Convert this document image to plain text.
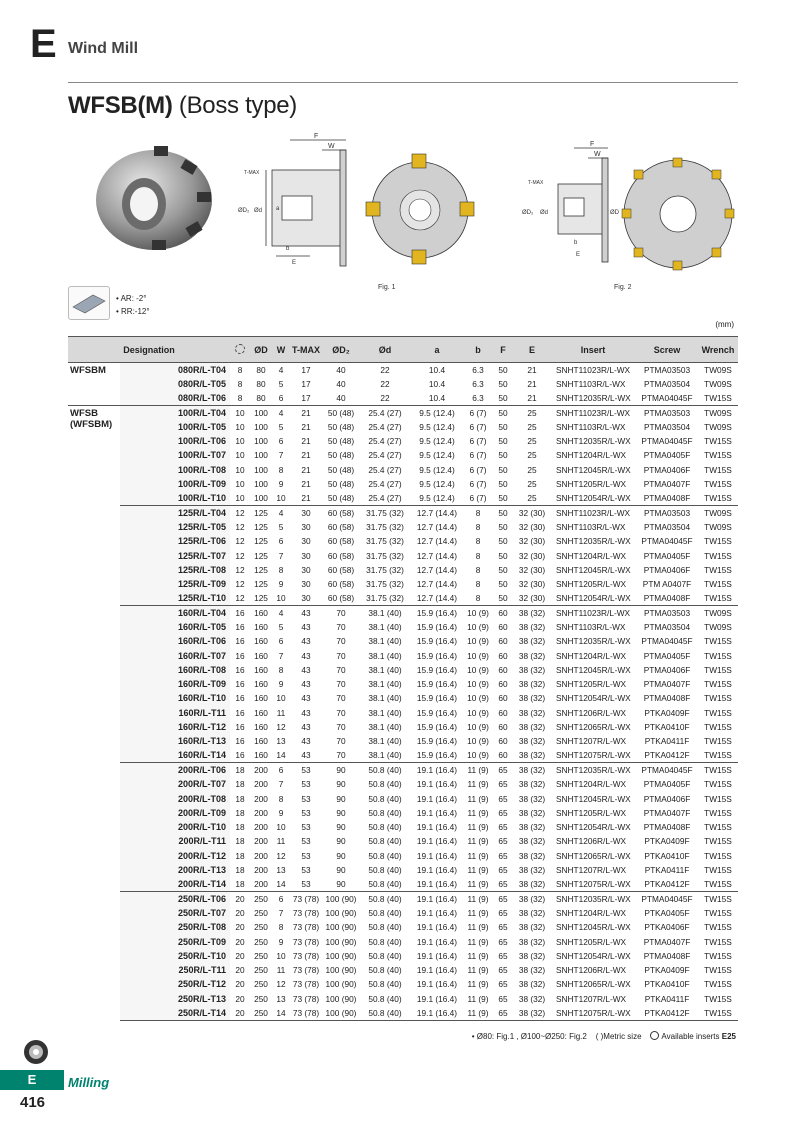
E Wind Mill
WFSB(M) (Boss type)
F
W
T-MAX
ØD₂ Ød a
b
E
Fig. 1
F
W
T-MAX
ØD₂ Ød	ØD
b
E
Fig. 2
• AR: -2°
• RR:-12°
(mm)
Designation			ØD	W	T-MAX	ØD₂	Ød	a	b	F	E	Insert	Screw	Wrench

WFSBM	080R/L-T04	8	80	4	17	40	22	10.4	6.3	50	21	SNHT11023R/L-WX	PTMA03503	TW09S
	080R/L-T05	8	80	5	17	40	22	10.4	6.3	50	21	SNHT1103R/L-WX	PTMA03504	TW09S
	080R/L-T06	8	80	6	17	40	22	10.4	6.3	50	21	SNHT12035R/L-WX	PTMA04045F	TW15S

WFSB
(WFSBM)	100R/L-T04	10	100	4	21	50 (48)	25.4 (27)	9.5 (12.4)	6 (7)	50	25	SNHT11023R/L-WX	PTMA03503	TW09S
	100R/L-T05	10	100	5	21	50 (48)	25.4 (27)	9.5 (12.4)	6 (7)	50	25	SNHT1103R/L-WX	PTMA03504	TW09S
	100R/L-T06	10	100	6	21	50 (48)	25.4 (27)	9.5 (12.4)	6 (7)	50	25	SNHT12035R/L-WX	PTMA04045F	TW15S
	100R/L-T07	10	100	7	21	50 (48)	25.4 (27)	9.5 (12.4)	6 (7)	50	25	SNHT1204R/L-WX	PTMA0405F	TW15S
	100R/L-T08	10	100	8	21	50 (48)	25.4 (27)	9.5 (12.4)	6 (7)	50	25	SNHT12045R/L-WX	PTMA0406F	TW15S
	100R/L-T09	10	100	9	21	50 (48)	25.4 (27)	9.5 (12.4)	6 (7)	50	25	SNHT1205R/L-WX	PTMA0407F	TW15S
	100R/L-T10	10	100	10	21	50 (48)	25.4 (27)	9.5 (12.4)	6 (7)	50	25	SNHT12054R/L-WX	PTMA0408F	TW15S
	125R/L-T04	12	125	4	30	60 (58)	31.75 (32)	12.7 (14.4)	8	50	32 (30)	SNHT11023R/L-WX	PTMA03503	TW09S
	125R/L-T05	12	125	5	30	60 (58)	31.75 (32)	12.7 (14.4)	8	50	32 (30)	SNHT1103R/L-WX	PTMA03504	TW09S
	125R/L-T06	12	125	6	30	60 (58)	31.75 (32)	12.7 (14.4)	8	50	32 (30)	SNHT12035R/L-WX	PTMA04045F	TW15S
	125R/L-T07	12	125	7	30	60 (58)	31.75 (32)	12.7 (14.4)	8	50	32 (30)	SNHT1204R/L-WX	PTMA0405F	TW15S
	125R/L-T08	12	125	8	30	60 (58)	31.75 (32)	12.7 (14.4)	8	50	32 (30)	SNHT12045R/L-WX	PTMA0406F	TW15S
	125R/L-T09	12	125	9	30	60 (58)	31.75 (32)	12.7 (14.4)	8	50	32 (30)	SNHT1205R/L-WX	PTM A0407F	TW15S
	125R/L-T10	12	125	10	30	60 (58)	31.75 (32)	12.7 (14.4)	8	50	32 (30)	SNHT12054R/L-WX	PTMA0408F	TW15S
	160R/L-T04	16	160	4	43	70	38.1 (40)	15.9 (16.4)	10 (9)	60	38 (32)	SNHT11023R/L-WX	PTMA03503	TW09S
	160R/L-T05	16	160	5	43	70	38.1 (40)	15.9 (16.4)	10 (9)	60	38 (32)	SNHT1103R/L-WX	PTMA03504	TW09S
	160R/L-T06	16	160	6	43	70	38.1 (40)	15.9 (16.4)	10 (9)	60	38 (32)	SNHT12035R/L-WX	PTMA04045F	TW15S
	160R/L-T07	16	160	7	43	70	38.1 (40)	15.9 (16.4)	10 (9)	60	38 (32)	SNHT1204R/L-WX	PTMA0405F	TW15S
	160R/L-T08	16	160	8	43	70	38.1 (40)	15.9 (16.4)	10 (9)	60	38 (32)	SNHT12045R/L-WX	PTMA0406F	TW15S
	160R/L-T09	16	160	9	43	70	38.1 (40)	15.9 (16.4)	10 (9)	60	38 (32)	SNHT1205R/L-WX	PTMA0407F	TW15S
	160R/L-T10	16	160	10	43	70	38.1 (40)	15.9 (16.4)	10 (9)	60	38 (32)	SNHT12054R/L-WX	PTMA0408F	TW15S
	160R/L-T11	16	160	11	43	70	38.1 (40)	15.9 (16.4)	10 (9)	60	38 (32)	SNHT1206R/L-WX	PTKA0409F	TW15S
	160R/L-T12	16	160	12	43	70	38.1 (40)	15.9 (16.4)	10 (9)	60	38 (32)	SNHT12065R/L-WX	PTKA0410F	TW15S
	160R/L-T13	16	160	13	43	70	38.1 (40)	15.9 (16.4)	10 (9)	60	38 (32)	SNHT1207R/L-WX	PTKA0411F	TW15S
	160R/L-T14	16	160	14	43	70	38.1 (40)	15.9 (16.4)	10 (9)	60	38 (32)	SNHT12075R/L-WX	PTKA0412F	TW15S
	200R/L-T06	18	200	6	53	90	50.8 (40)	19.1 (16.4)	11 (9)	65	38 (32)	SNHT12035R/L-WX	PTMA04045F	TW15S
	200R/L-T07	18	200	7	53	90	50.8 (40)	19.1 (16.4)	11 (9)	65	38 (32)	SNHT1204R/L-WX	PTMA0405F	TW15S
	200R/L-T08	18	200	8	53	90	50.8 (40)	19.1 (16.4)	11 (9)	65	38 (32)	SNHT12045R/L-WX	PTMA0406F	TW15S
	200R/L-T09	18	200	9	53	90	50.8 (40)	19.1 (16.4)	11 (9)	65	38 (32)	SNHT1205R/L-WX	PTMA0407F	TW15S
	200R/L-T10	18	200	10	53	90	50.8 (40)	19.1 (16.4)	11 (9)	65	38 (32)	SNHT12054R/L-WX	PTMA0408F	TW15S
	200R/L-T11	18	200	11	53	90	50.8 (40)	19.1 (16.4)	11 (9)	65	38 (32)	SNHT1206R/L-WX	PTKA0409F	TW15S
	200R/L-T12	18	200	12	53	90	50.8 (40)	19.1 (16.4)	11 (9)	65	38 (32)	SNHT12065R/L-WX	PTKA0410F	TW15S
	200R/L-T13	18	200	13	53	90	50.8 (40)	19.1 (16.4)	11 (9)	65	38 (32)	SNHT1207R/L-WX	PTKA0411F	TW15S
	200R/L-T14	18	200	14	53	90	50.8 (40)	19.1 (16.4)	11 (9)	65	38 (32)	SNHT12075R/L-WX	PTKA0412F	TW15S
	250R/L-T06	20	250	6	73 (78)	100 (90)	50.8 (40)	19.1 (16.4)	11 (9)	65	38 (32)	SNHT12035R/L-WX	PTMA04045F	TW15S
	250R/L-T07	20	250	7	73 (78)	100 (90)	50.8 (40)	19.1 (16.4)	11 (9)	65	38 (32)	SNHT1204R/L-WX	PTKA0405F	TW15S
	250R/L-T08	20	250	8	73 (78)	100 (90)	50.8 (40)	19.1 (16.4)	11 (9)	65	38 (32)	SNHT12045R/L-WX	PTKA0406F	TW15S
	250R/L-T09	20	250	9	73 (78)	100 (90)	50.8 (40)	19.1 (16.4)	11 (9)	65	38 (32)	SNHT1205R/L-WX	PTMA0407F	TW15S
	250R/L-T10	20	250	10	73 (78)	100 (90)	50.8 (40)	19.1 (16.4)	11 (9)	65	38 (32)	SNHT12054R/L-WX	PTMA0408F	TW15S
	250R/L-T11	20	250	11	73 (78)	100 (90)	50.8 (40)	19.1 (16.4)	11 (9)	65	38 (32)	SNHT1206R/L-WX	PTKA0409F	TW15S
	250R/L-T12	20	250	12	73 (78)	100 (90)	50.8 (40)	19.1 (16.4)	11 (9)	65	38 (32)	SNHT12065R/L-WX	PTKA0410F	TW15S
	250R/L-T13	20	250	13	73 (78)	100 (90)	50.8 (40)	19.1 (16.4)	11 (9)	65	38 (32)	SNHT1207R/L-WX	PTKA0411F	TW15S
	250R/L-T14	20	250	14	73 (78)	100 (90)	50.8 (40)	19.1 (16.4)	11 (9)	65	38 (32)	SNHT12075R/L-WX	PTKA0412F	TW15S
• Ø80: Fig.1 , Ø100~Ø250: Fig.2 ( )Metric size Available inserts E25
E	Milling
416
